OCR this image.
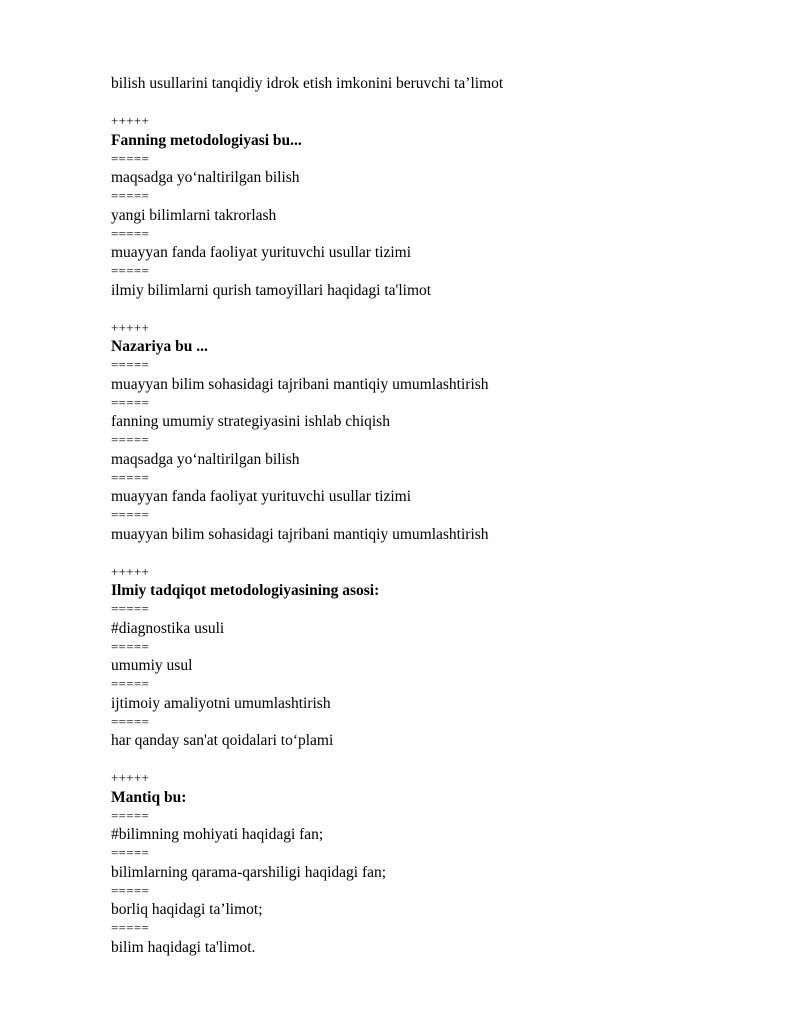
bilish usullarini tanqidiy idrok etish imkonini beruvchi ta’limot
+++++
Fanning metodologiyasi bu...
=====
maqsadga yo‘naltirilgan bilish
=====
yangi bilimlarni takrorlash
=====
muayyan fanda faoliyat yurituvchi usullar tizimi
=====
ilmiy bilimlarni qurish tamoyillari haqidagi ta'limot
+++++
Nazariya bu ...
=====
muayyan bilim sohasidagi tajribani mantiqiy umumlashtirish
=====
fanning umumiy strategiyasini ishlab chiqish
=====
maqsadga yo‘naltirilgan bilish
=====
muayyan fanda faoliyat yurituvchi usullar tizimi
=====
muayyan bilim sohasidagi tajribani mantiqiy umumlashtirish
+++++
Ilmiy tadqiqot metodologiyasining asosi:
=====
#diagnostika usuli
=====
umumiy usul
=====
ijtimoiy amaliyotni umumlashtirish
=====
har qanday san'at qoidalari to‘plami
+++++
Mantiq bu:
=====
#bilimning mohiyati haqidagi fan;
=====
bilimlarning qarama-qarshiligi haqidagi fan;
=====
borliq haqidagi ta’limot;
=====
bilim haqidagi ta'limot.
